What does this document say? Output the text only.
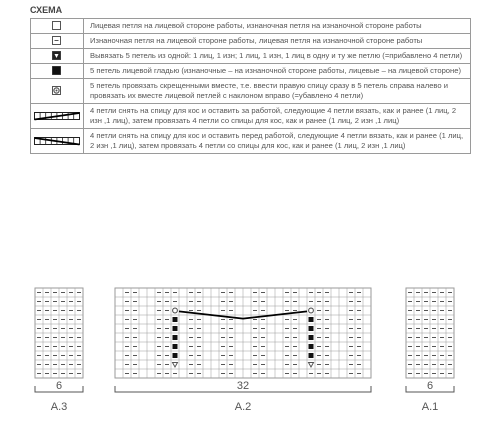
СХЕМА
	Лицевая петля на лицевой стороне работы, изнаночная петля на изнаночной стороне работы

	Изнаночная петля на лицевой стороне работы, лицевая петля на изнаночной стороне работы

	Вывязать 5 петель из одной: 1 лиц, 1 изн; 1 лиц, 1 изн, 1 лиц в одну и ту же петлю (=прибавлено 4 петли)

	5 петель лицевой гладью (изнаночные – на изнаночной стороне работы, лицевые – на лицевой стороне)

	5 петель провязать скрещенными вместе, т.е. ввести правую спицу сразу в 5 петель справа налево и провязать их вместе лицевой петлей с наклоном вправо (=убавлено 4 петли)

	4 петли снять на спицу для кос и оставить за работой, следующие 4 петли вязать, как и ранее (1 лиц, 2 изн ,1 лиц), затем провязать 4 петли со спицы для кос, как и ранее (1 лиц, 2 изн ,1 лиц)

	4 петли снять на спицу для кос и оставить перед работой, следующие 4 петли вязать, как и ранее (1 лиц, 2 изн ,1 лиц), затем провязать 4 петли со спицы для кос, как и ранее (1 лиц, 2 изн ,1 лиц)
6
A.3
32
A.2
6
A.1
